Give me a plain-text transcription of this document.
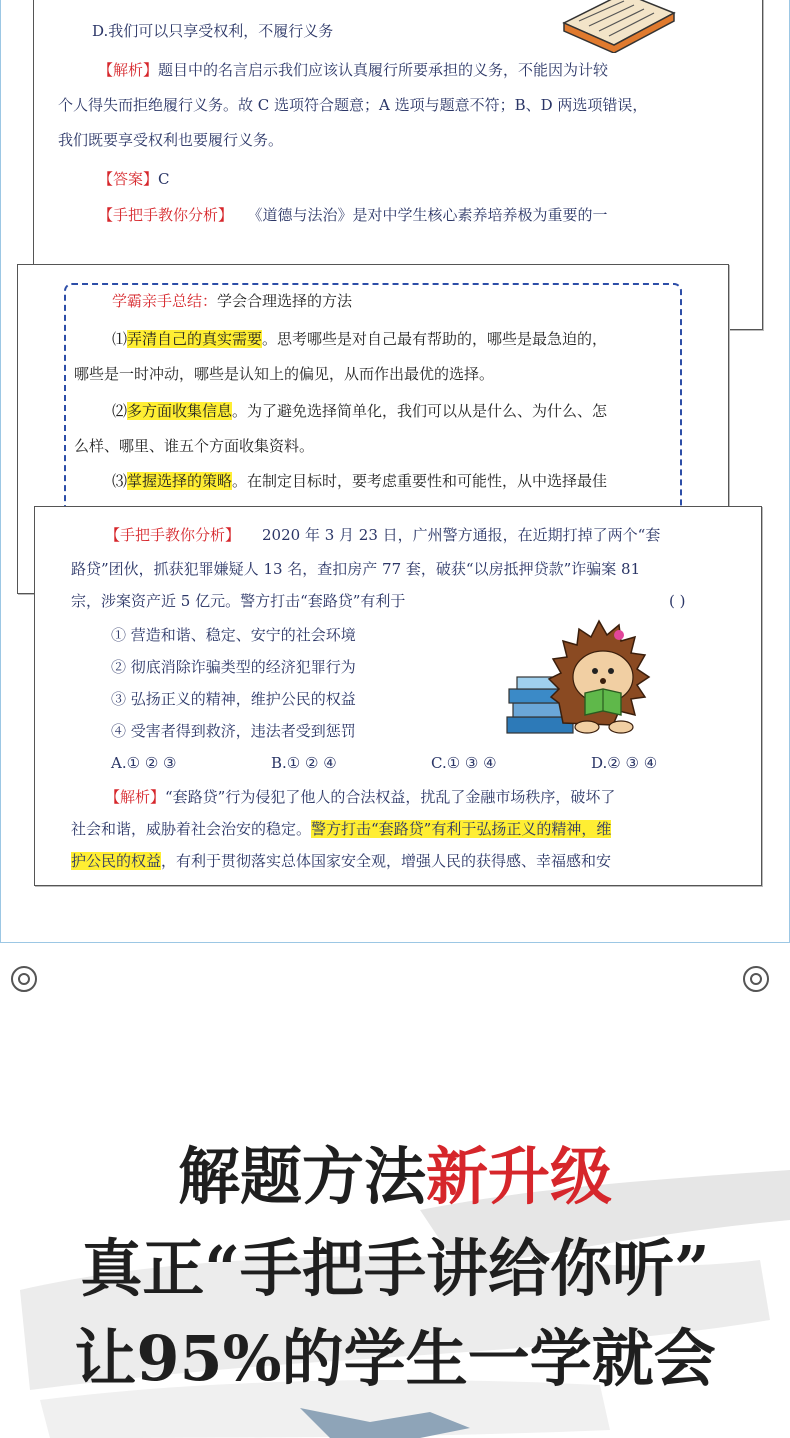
D.我们可以只享受权利，不履行义务
【解析】题目中的名言启示我们应该认真履行所要承担的义务，不能因为计较
个人得失而拒绝履行义务。故 C 选项符合题意；A 选项与题意不符；B、D 两选项错误，
我们既要享受权利也要履行义务。
【答案】C
【手把手教你分析】 《道德与法治》是对中学生核心素养培养极为重要的一
学霸亲手总结：学会合理选择的方法
⑴弄清自己的真实需要。思考哪些是对自己最有帮助的，哪些是最急迫的，
哪些是一时冲动，哪些是认知上的偏见，从而作出最优的选择。
⑵多方面收集信息。为了避免选择简单化，我们可以从是什么、为什么、怎
么样、哪里、谁五个方面收集资料。
⑶掌握选择的策略。在制定目标时，要考虑重要性和可能性，从中选择最佳
【手把手教你分析】 2020 年 3 月 23 日，广州警方通报，在近期打掉了两个“套
路贷”团伙，抓获犯罪嫌疑人 13 名，查扣房产 77 套，破获“以房抵押贷款”诈骗案 81
宗，涉案资产近 5 亿元。警方打击“套路贷”有利于	( )
① 营造和谐、稳定、安宁的社会环境
② 彻底消除诈骗类型的经济犯罪行为
③ 弘扬正义的精神，维护公民的权益
④ 受害者得到救济，违法者受到惩罚
A.① ② ③	B.① ② ④	C.① ③ ④	D.② ③ ④
【解析】“套路贷”行为侵犯了他人的合法权益，扰乱了金融市场秩序，破坏了
社会和谐，威胁着社会治安的稳定。警方打击“套路贷”有利于弘扬正义的精神，维
护公民的权益，有利于贯彻落实总体国家安全观，增强人民的获得感、幸福感和安
解题方法新升级
真正“手把手讲给你听”
让95%的学生一学就会
